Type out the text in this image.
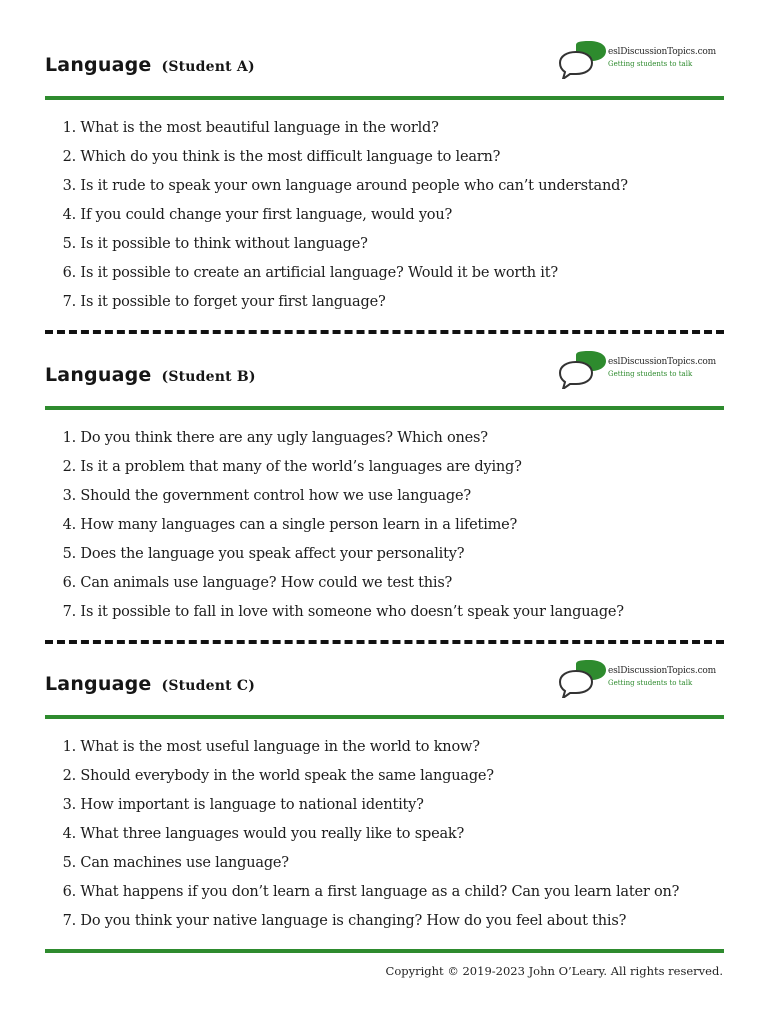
Language (Student A)
eslDiscussionTopics.com
Getting students to talk
1. What is the most beautiful language in the world?
2. Which do you think is the most difficult language to learn?
3. Is it rude to speak your own language around people who can’t understand?
4. If you could change your first language, would you?
5. Is it possible to think without language?
6. Is it possible to create an artificial language? Would it be worth it?
7. Is it possible to forget your first language?
Language (Student B)
eslDiscussionTopics.com
Getting students to talk
1. Do you think there are any ugly languages? Which ones?
2. Is it a problem that many of the world’s languages are dying?
3. Should the government control how we use language?
4. How many languages can a single person learn in a lifetime?
5. Does the language you speak affect your personality?
6. Can animals use language? How could we test this?
7. Is it possible to fall in love with someone who doesn’t speak your language?
Language (Student C)
eslDiscussionTopics.com
Getting students to talk
1. What is the most useful language in the world to know?
2. Should everybody in the world speak the same language?
3. How important is language to national identity?
4. What three languages would you really like to speak?
5. Can machines use language?
6. What happens if you don’t learn a first language as a child? Can you learn later on?
7. Do you think your native language is changing? How do you feel about this?
Copyright © 2019-2023 John O’Leary. All rights reserved.
